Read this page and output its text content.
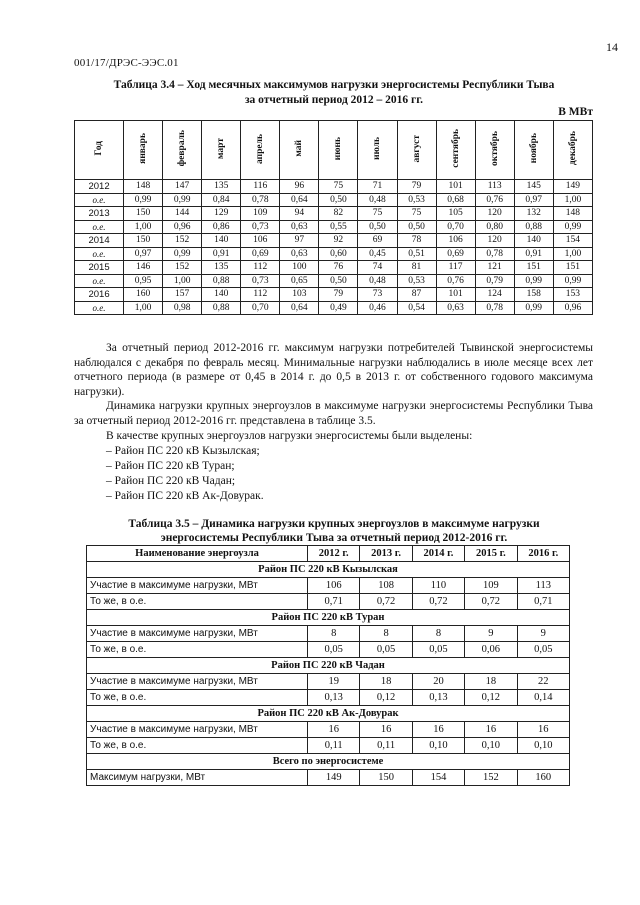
14
001/17/ДРЭС-ЭЭС.01
Таблица 3.4 – Ход месячных максимумов нагрузки энергосистемы Республики Тыва
за отчетный период 2012 – 2016 гг.
В МВт
Год	январь	февраль	март	апрель	май	июнь	июль	август	сентябрь	октябрь	ноябрь	декабрь
2012	148	147	135	116	96	75	71	79	101	113	145	149
о.е.	0,99	0,99	0,84	0,78	0,64	0,50	0,48	0,53	0,68	0,76	0,97	1,00
2013	150	144	129	109	94	82	75	75	105	120	132	148
о.е.	1,00	0,96	0,86	0,73	0,63	0,55	0,50	0,50	0,70	0,80	0,88	0,99
2014	150	152	140	106	97	92	69	78	106	120	140	154
о.е.	0,97	0,99	0,91	0,69	0,63	0,60	0,45	0,51	0,69	0,78	0,91	1,00
2015	146	152	135	112	100	76	74	81	117	121	151	151
о.е.	0,95	1,00	0,88	0,73	0,65	0,50	0,48	0,53	0,76	0,79	0,99	0,99
2016	160	157	140	112	103	79	73	87	101	124	158	153
о.е.	1,00	0,98	0,88	0,70	0,64	0,49	0,46	0,54	0,63	0,78	0,99	0,96
За отчетный период 2012-2016 гг. максимум нагрузки потребителей Тывинской энергосистемы наблюдался с декабря по февраль месяц. Минимальные нагрузки наблюдались в июле месяце всех лет отчетного периода (в размере от 0,45 в 2014 г. до 0,5 в 2013 г. от собственного годового максимума нагрузки).
Динамика нагрузки крупных энергоузлов в максимуме нагрузки энергосистемы Республики Тыва за отчетный период 2012-2016 гг. представлена в таблице 3.5.
В качестве крупных энергоузлов нагрузки энергосистемы были выделены:
– Район ПС 220 кВ Кызылская;
– Район ПС 220 кВ Туран;
– Район ПС 220 кВ Чадан;
– Район ПС 220 кВ Ак-Довурак.
Таблица 3.5 – Динамика нагрузки крупных энергоузлов в максимуме нагрузки
энергосистемы Республики Тыва за отчетный период 2012-2016 гг.
Наименование энергоузла	2012 г.	2013 г.	2014 г.	2015 г.	2016 г.
Район ПС 220 кВ Кызылская					
Участие в максимуме нагрузки, МВт	106	108	110	109	113
То же, в о.е.	0,71	0,72	0,72	0,72	0,71
Район ПС 220 кВ Туран					
Участие в максимуме нагрузки, МВт	8	8	8	9	9
То же, в о.е.	0,05	0,05	0,05	0,06	0,05
Район ПС 220 кВ Чадан					
Участие в максимуме нагрузки, МВт	19	18	20	18	22
То же, в о.е.	0,13	0,12	0,13	0,12	0,14
Район ПС 220 кВ Ак-Довурак					
Участие в максимуме нагрузки, МВт	16	16	16	16	16
То же, в о.е.	0,11	0,11	0,10	0,10	0,10
Всего по энергосистеме					
Максимум нагрузки, МВт	149	150	154	152	160
